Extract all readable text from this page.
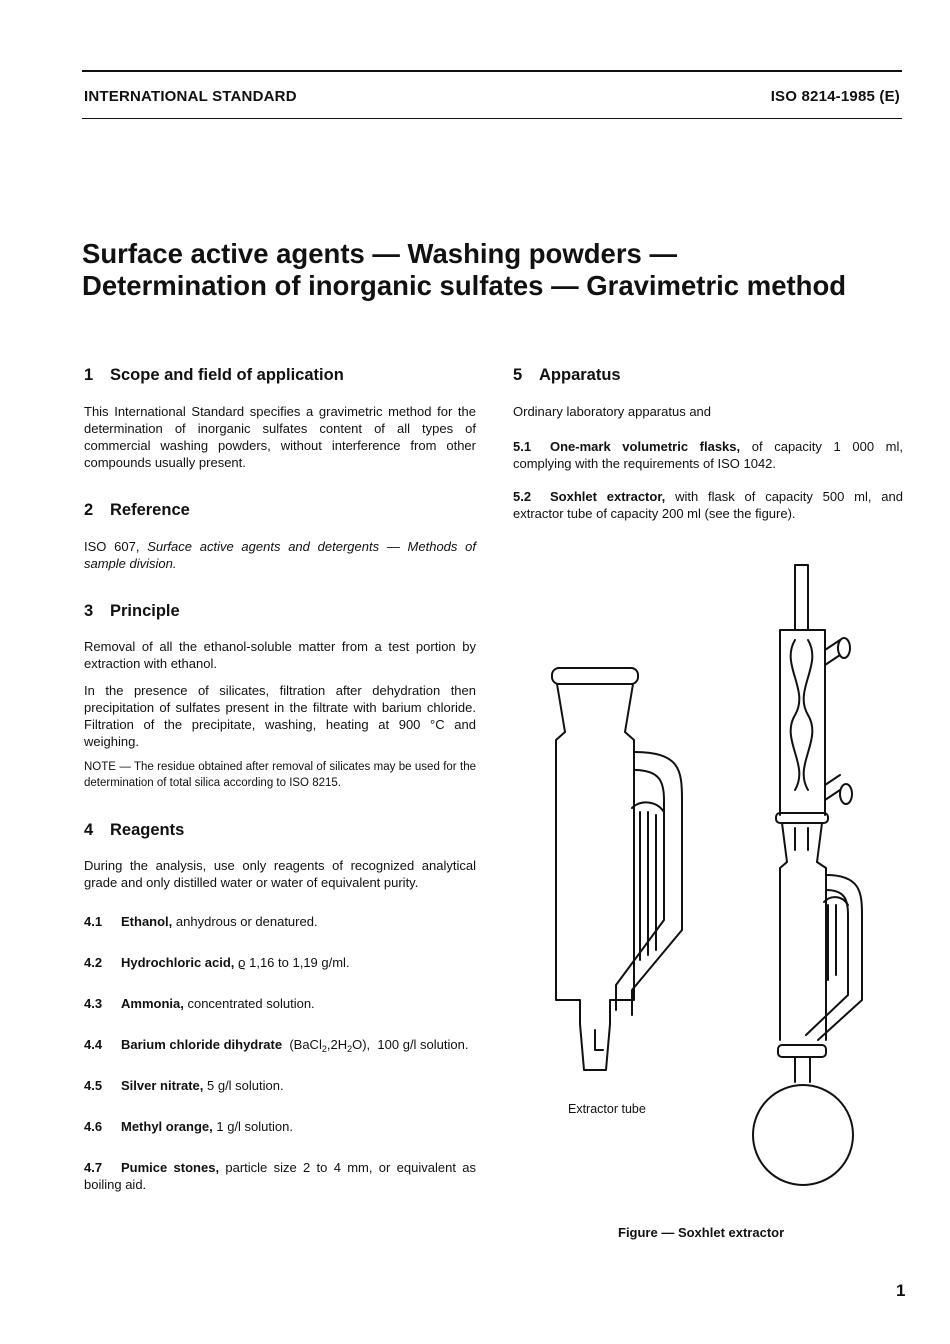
INTERNATIONAL STANDARD	ISO 8214-1985 (E)
Surface active agents — Washing powders —
Determination of inorganic sulfates — Gravimetric method
1 Scope and field of application

This International Standard specifies a gravimetric method for the determination of inorganic sulfates content of all types of commercial washing powders, without interference from other compounds usually present.

2 Reference

ISO 607, Surface active agents and detergents — Methods of sample division.

3 Principle

Removal of all the ethanol-soluble matter from a test portion by extraction with ethanol.

In the presence of silicates, filtration after dehydration then precipitation of sulfates present in the filtrate with barium chloride. Filtration of the precipitate, washing, heating at 900 °C and weighing.

NOTE — The residue obtained after removal of silicates may be used for the determination of total silica according to ISO 8215.

4 Reagents

During the analysis, use only reagents of recognized analytical grade and only distilled water or water of equivalent purity.

4.1 Ethanol, anhydrous or denatured.

4.2 Hydrochloric acid, ϱ 1,16 to 1,19 g/ml.

4.3 Ammonia, concentrated solution.

4.4 Barium chloride dihydrate $(BaCl_2,2H_2O)$, 100 g/l solution.

4.5 Silver nitrate, 5 g/l solution.

4.6 Methyl orange, 1 g/l solution.

4.7 Pumice stones, particle size 2 to 4 mm, or equivalent as boiling aid.

5 Apparatus

Ordinary laboratory apparatus and

5.1 One-mark volumetric flasks, of capacity 1 000 ml, complying with the requirements of ISO 1042.

5.2 Soxhlet extractor, with flask of capacity 500 ml, and extractor tube of capacity 200 ml (see the figure).

Extractor tube
Figure — Soxhlet extractor
1
